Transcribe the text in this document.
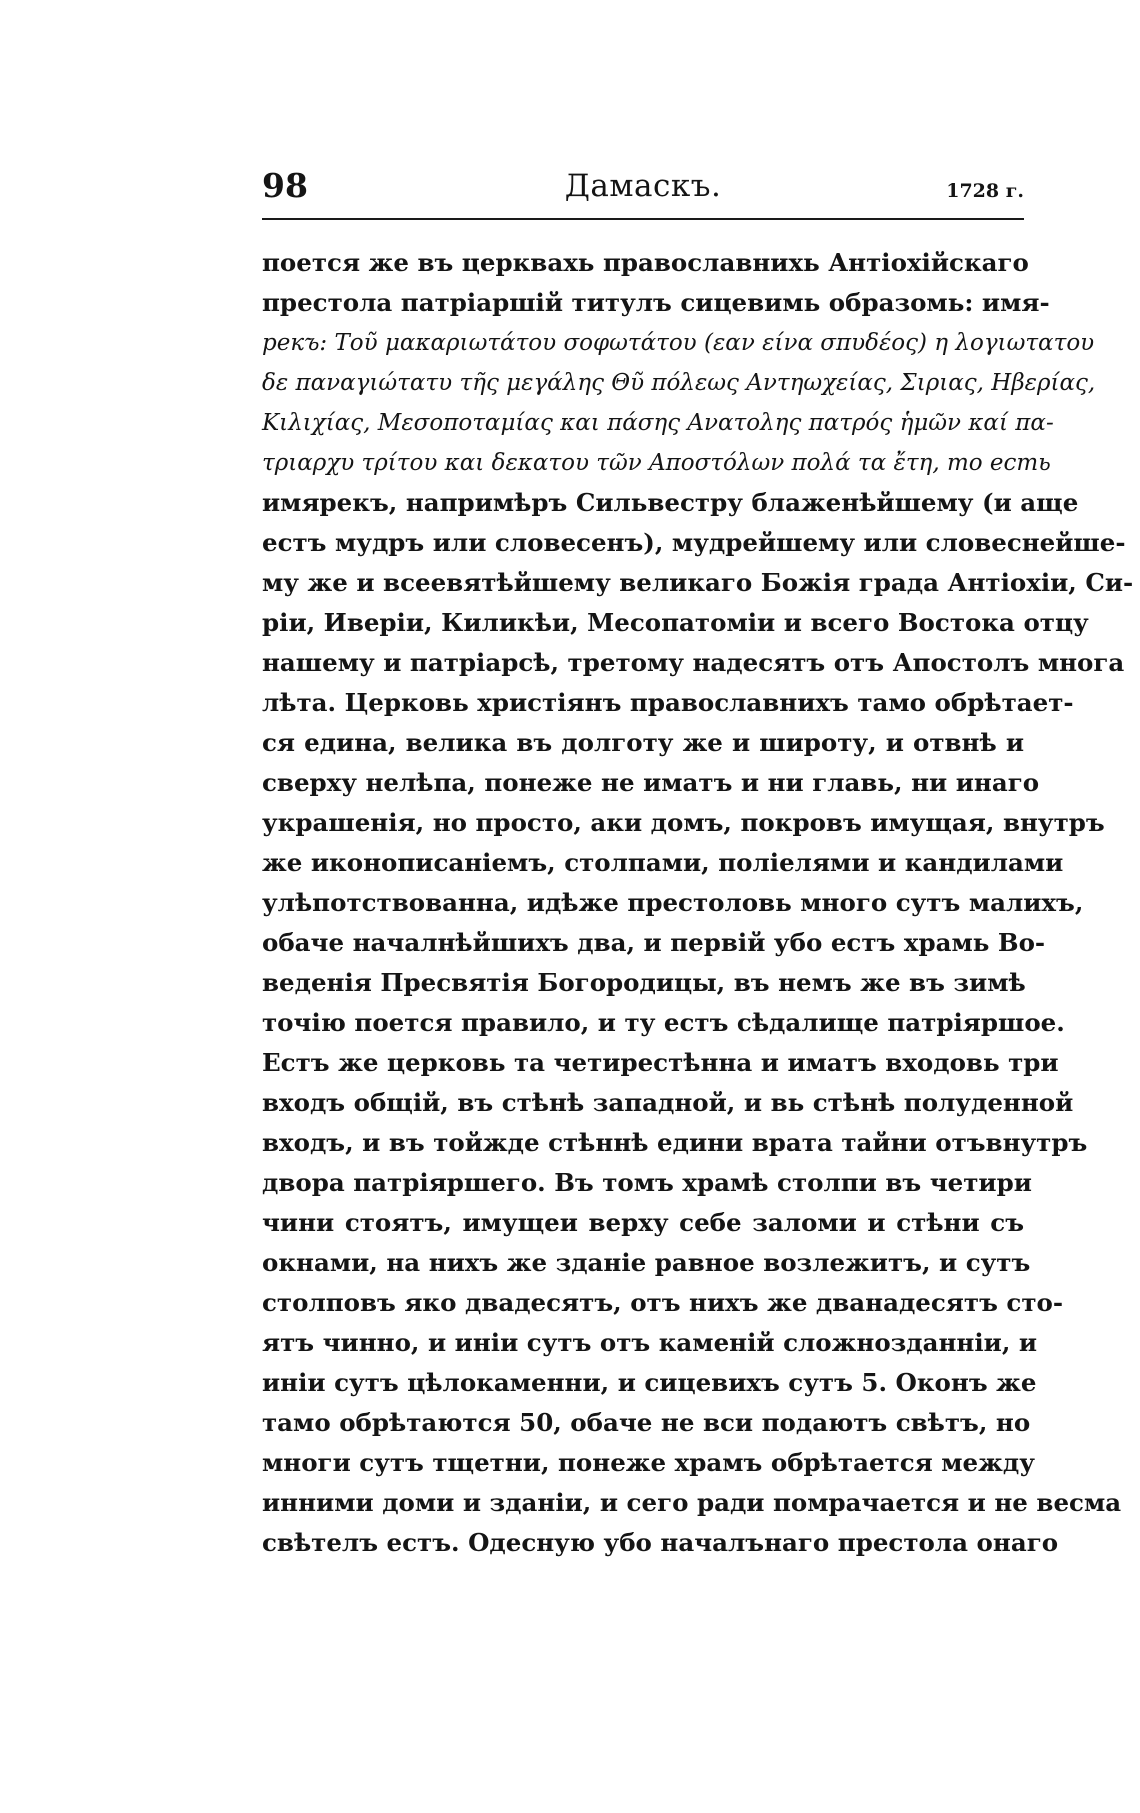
98	Дамаскъ.	1728 г.
поется же въ церквахь православнихь Антіохійскаго
престола патріаршій титулъ сицевимь образомь: имя-
рекъ: Τοῦ μακαριωτάτου σοφωτάτου (εαν είνα σπυδέος) η λογιωτατου
δε παναγιώτατυ τῆς μεγάλης Θῦ πόλεως Αντηωχείας, Σιριας, Ηβερίας,
Κιλιχίας, Μεσοποταμίας και πάσης Ανατολης πατρός ἡμῶν καί πα-
τριαρχυ τρίτου και δεκατου τῶν Αποστόλων πολά τα ἔτη, то есть
имярекъ, напримѣръ Сильвестру блаженѣйшему (и аще
естъ мудръ или словесенъ), мудрейшему или словеснейше-
му же и всеевятѣйшему великаго Божія града Антіохіи, Си-
ріи, Иверіи, Киликѣи, Месопатоміи и всего Востока отцу
нашему и патріарсѣ, третому надесятъ отъ Апостолъ многа
лѣта. Церковь христіянъ православнихъ тамо обрѣтает-
ся едина, велика въ долготу же и широту, и отвнѣ и
сверху нелѣпа, понеже не иматъ и ни главь, ни инаго
украшенія, но просто, аки домъ, покровъ имущая, внутръ
же иконописаніемъ, столпами, поліелями и кандилами
улѣпотствованна, идѣже престоловь много сутъ малихъ,
обаче началнѣйшихъ два, и первій убо естъ храмь Во-
веденія Пресвятія Богородицы, въ немъ же въ зимѣ
точію поется правило, и ту естъ сѣдалище патріяршое.
Естъ же церковь та четирестѣнна и иматъ входовь три
входъ общій, въ стѣнѣ западной, и вь стѣнѣ полуденной
входъ, и въ тойжде стѣннѣ едини врата тайни отъвнутръ
двора патріяршего. Въ томъ храмѣ столпи въ четири
чини стоятъ, имущеи верху себе заломи и стѣни съ
окнами, на нихъ же зданіе равное возлежитъ, и сутъ
столповъ яко двадесятъ, отъ нихъ же дванадесятъ сто-
ятъ чинно, и иніи сутъ отъ каменій сложнозданніи, и
иніи сутъ цѣлокаменни, и сицевихъ сутъ 5. Оконъ же
тамо обрѣтаются 50, обаче не вси подаютъ свѣтъ, но
многи сутъ тщетни, понеже храмъ обрѣтается между
инними доми и зданіи, и сего ради помрачается и не весма
свѣтелъ естъ. Одесную убо началънаго престола онаго
